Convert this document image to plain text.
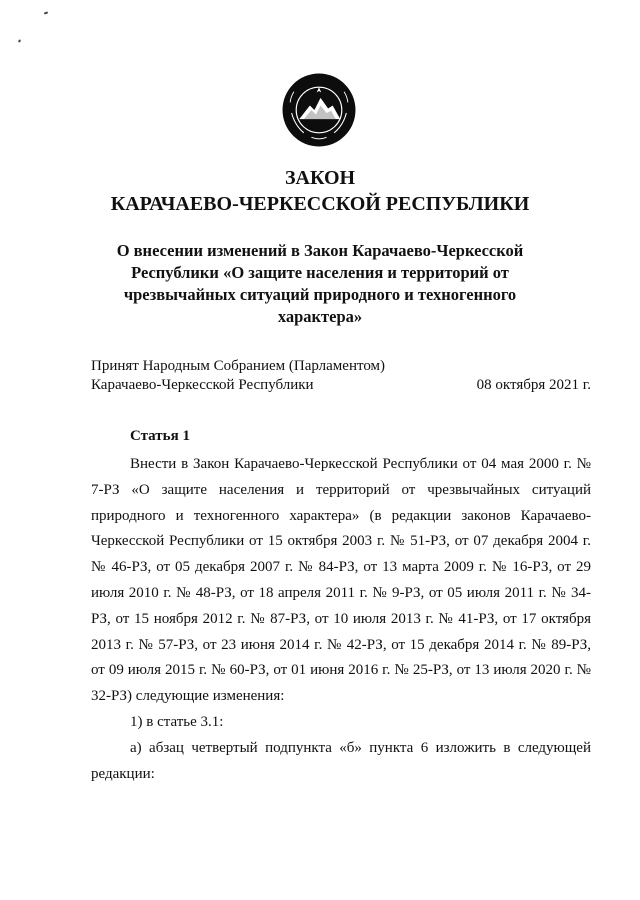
ЗАКОН
КАРАЧАЕВО-ЧЕРКЕССКОЙ РЕСПУБЛИКИ
О внесении изменений в Закон Карачаево-Черкесской Республики «О защите населения и территорий от чрезвычайных ситуаций природного и техногенного характера»
Принят Народным Собранием (Парламентом)
Карачаево-Черкесской Республики	08 октября 2021 г.
Статья 1

Внести в Закон Карачаево-Черкесской Республики от 04 мая 2000 г. № 7-РЗ «О защите населения и территорий от чрезвычайных ситуаций природного и техногенного характера» (в редакции законов Карачаево-Черкесской Республики от 15 октября 2003 г. № 51-РЗ, от 07 декабря 2004 г. № 46-РЗ, от 05 декабря 2007 г. № 84-РЗ, от 13 марта 2009 г. № 16-РЗ, от 29 июля 2010 г. № 48-РЗ, от 18 апреля 2011 г. № 9-РЗ, от 05 июля 2011 г. № 34-РЗ, от 15 ноября 2012 г. № 87-РЗ, от 10 июля 2013 г. № 41-РЗ, от 17 октября 2013 г. № 57-РЗ, от 23 июня 2014 г. № 42-РЗ, от 15 декабря 2014 г. № 89-РЗ, от 09 июля 2015 г. № 60-РЗ, от 01 июня 2016 г. № 25-РЗ, от 13 июля 2020 г. № 32-РЗ) следующие изменения:

1) в статье 3.1:

а) абзац четвертый подпункта «б» пункта 6 изложить в следующей редакции:
